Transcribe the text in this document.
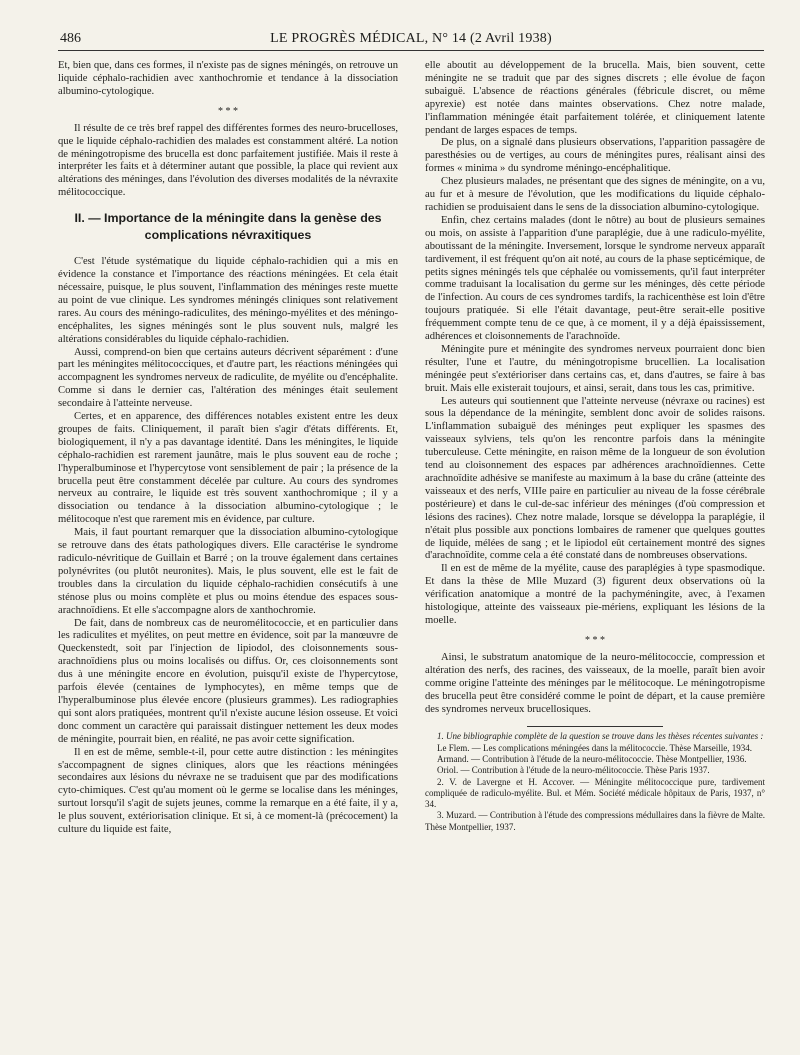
486	LE PROGRÈS MÉDICAL, N° 14 (2 Avril 1938)

Et, bien que, dans ces formes, il n'existe pas de signes méningés, on retrouve un liquide céphalo-rachidien avec xanthochromie et tendance à la dissociation albumino-cytologique.

* * *

Il résulte de ce très bref rappel des différentes formes des neuro-brucelloses, que le liquide céphalo-rachidien des malades est constamment altéré. La notion de méningotropisme des brucella est donc parfaitement justifiée. Mais il reste à interpréter les faits et à déterminer autant que possible, la place qui revient aux altérations des méninges, dans l'évolution des diverses modalités de la névraxite mélitococcique.

II. — Importance de la méningite dans la genèse des complications névraxitiques

C'est l'étude systématique du liquide céphalo-rachidien qui a mis en évidence la constance et l'importance des réactions méningées. Et cela était nécessaire, puisque, le plus souvent, l'inflammation des méninges reste muette au point de vue clinique. Les syndromes méningés cliniques sont relativement rares. Au cours des méningo-radiculites, des méningo-myélites et des méningo-encéphalites, les signes méningés sont le plus souvent nuls, malgré les altérations considérables du liquide céphalo-rachidien.

Aussi, comprend-on bien que certains auteurs décrivent séparément : d'une part les méningites mélitococciques, et d'autre part, les réactions méningées qui accompagnent les syndromes nerveux de radiculite, de myélite ou d'encéphalite. Comme si dans le dernier cas, l'altération des méninges était seulement secondaire à l'atteinte nerveuse.

Certes, et en apparence, des différences notables existent entre les deux groupes de faits. Cliniquement, il paraît bien s'agir d'états différents. Et, biologiquement, il n'y a pas davantage identité. Dans les méningites, le liquide céphalo-rachidien est rarement jaunâtre, mais le plus souvent eau de roche ; l'hyperalbuminose et l'hypercytose vont sensiblement de pair ; la présence de la brucella peut être constamment décelée par culture. Au cours des syndromes nerveux au contraire, le liquide est très souvent xanthochromique ; il y a dissociation ou tendance à la dissociation albumino-cytologique ; le mélitocoque n'est que rarement mis en évidence, par culture.

Mais, il faut pourtant remarquer que la dissociation albumino-cytologique se retrouve dans des états pathologiques divers. Elle caractérise le syndrome radiculo-névritique de Guillain et Barré ; on la trouve également dans certaines polynévrites (ou plutôt neuronites). Mais, le plus souvent, elle est le fait de troubles dans la circulation du liquide céphalo-rachidien consécutifs à une sténose plus ou moins complète et plus ou moins étendue des espaces sous-arachnoïdiens. Et elle s'accompagne alors de xanthochromie.

De fait, dans de nombreux cas de neuromélitococcie, et en particulier dans les radiculites et myélites, on peut mettre en évidence, soit par la manœuvre de Queckenstedt, soit par l'injection de lipiodol, des cloisonnements sous-arachnoïdiens plus ou moins localisés ou diffus. Or, ces cloisonnements sont dus à une méningite encore en évolution, puisqu'il existe de l'hypercytose, parfois élevée (centaines de lymphocytes), en même temps que de l'hyperalbuminose plus élevée encore (plusieurs grammes). Les radiographies qui sont alors pratiquées, montrent qu'il n'existe aucune lésion osseuse. Et voici donc comment un caractère qui paraissait distinguer nettement les deux modes de méningite, pourrait bien, en réalité, ne pas avoir cette signification.

Il en est de même, semble-t-il, pour cette autre distinction : les méningites s'accompagnent de signes cliniques, alors que les réactions méningées secondaires aux lésions du névraxe ne se traduisent que par des modifications cyto-chimiques. C'est qu'au moment où le germe se localise dans les méninges, surtout lorsqu'il s'agit de sujets jeunes, comme la remarque en a été faite, il y a, le plus souvent, extériorisation clinique. Et si, à ce moment-là (précocement) la culture du liquide est faite,

elle aboutit au développement de la brucella. Mais, bien souvent, cette méningite ne se traduit que par des signes discrets ; elle évolue de façon subaiguë. L'absence de réactions générales (fébricule discret, ou même apyrexie) est notée dans maintes observations. Chez notre malade, l'inflammation méningée était parfaitement tolérée, et cliniquement latente pendant de larges espaces de temps.

De plus, on a signalé dans plusieurs observations, l'apparition passagère de paresthésies ou de vertiges, au cours de méningites pures, réalisant ainsi des formes « minima » du syndrome méningo-encéphalitique.

Chez plusieurs malades, ne présentant que des signes de méningite, on a vu, au fur et à mesure de l'évolution, que les modifications du liquide céphalo-rachidien se produisaient dans le sens de la dissociation albumino-cytologique.

Enfin, chez certains malades (dont le nôtre) au bout de plusieurs semaines ou mois, on assiste à l'apparition d'une paraplégie, due à une radiculo-myélite, aboutissant de la méningite. Inversement, lorsque le syndrome nerveux apparaît tardivement, il est fréquent qu'on ait noté, au cours de la phase septicémique, de petits signes méningés tels que céphalée ou vomissements, qu'il faut interpréter comme traduisant la localisation du germe sur les méninges, dès cette période de l'infection. Au cours de ces syndromes tardifs, la rachicenthèse est loin d'être toujours pratiquée. Si elle l'était davantage, peut-être serait-elle positive fréquemment compte tenu de ce que, à ce moment, il y a déjà épaississement, adhérences et cloisonnements de l'arachnoïde.

Méningite pure et méningite des syndromes nerveux pourraient donc bien résulter, l'une et l'autre, du méningotropisme brucellien. La localisation méningée peut s'extérioriser dans certains cas, et, dans d'autres, se faire à bas bruit. Mais elle existerait toujours, et ainsi, serait, dans tous les cas, primitive.

Les auteurs qui soutiennent que l'atteinte nerveuse (névraxe ou racines) est sous la dépendance de la méningite, semblent donc avoir de solides raisons. L'inflammation subaiguë des méninges peut expliquer les spasmes des vaisseaux sylviens, tels qu'on les rencontre parfois dans la méningite tuberculeuse. Cette méningite, en raison même de la longueur de son évolution tend au cloisonnement des espaces par adhérences arachnoïdiennes. Cette arachnoïdite adhésive se manifeste au maximum à la base du crâne (atteinte des vaisseaux et des nerfs, VIIIe paire en particulier au niveau de la fosse cérébrale postérieure) et dans le cul-de-sac inférieur des méninges (d'où compression et lésions des racines). Chez notre malade, lorsque se développa la paraplégie, il n'était plus possible aux ponctions lombaires de ramener que quelques gouttes de liquide, mélées de sang ; et le lipiodol eût certainement montré des signes d'arachnoïdite, comme cela a été constaté dans de nombreuses observations.

Il en est de même de la myélite, cause des paraplégies à type spasmodique. Et dans la thèse de Mlle Muzard (3) figurent deux observations où la vérification anatomique a montré de la pachyméningite, avec, à l'examen histologique, atteinte des vaisseaux pie-mériens, expliquant les lésions de la moelle.

* * *

Ainsi, le substratum anatomique de la neuro-mélitococcie, compression et altération des nerfs, des racines, des vaisseaux, de la moelle, paraît bien avoir comme origine l'atteinte des méninges par le mélitocoque. Le méningotropisme des brucella peut être considéré comme le point de départ, et la cause première des syndromes nerveux brucellosiques.

1. Une bibliographie complète de la question se trouve dans les thèses récentes suivantes :
Le Flem. — Les complications méningées dans la mélitococcie. Thèse Marseille, 1934.
Armand. — Contribution à l'étude de la neuro-mélitococcie. Thèse Montpellier, 1936.
Oriol. — Contribution à l'étude de la neuro-mélitococcie. Thèse Paris 1937.
2. V. de Lavergne et H. Accover. — Méningite mélitococcique pure, tardivement compliquée de radiculo-myélite. Bul. et Mém. Société médicale hôpitaux de Paris, 1937, n° 34.
3. Muzard. — Contribution à l'étude des compressions médullaires dans la fièvre de Malte. Thèse Montpellier, 1937.
